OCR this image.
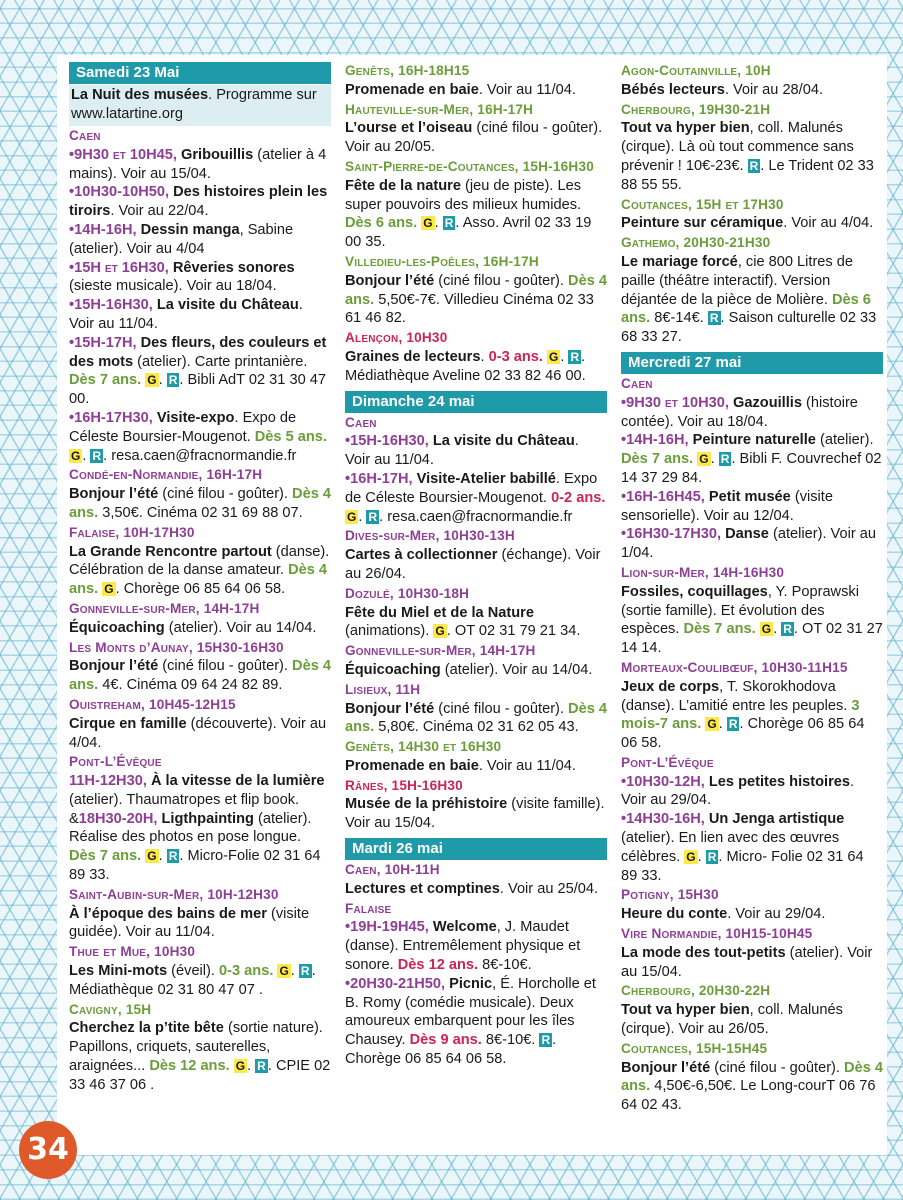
Samedi 23 Mai
La Nuit des musées. Programme sur www.latartine.org
Caen

•9H30 et 10H45, Gribouillis (atelier à 4 mains). Voir au 15/04.

•10H30-10H50, Des histoires plein les tiroirs. Voir au 22/04.

•14H-16H, Dessin manga, Sabine (atelier). Voir au 4/04

•15H et 16H30, Rêveries sonores (sieste musicale). Voir au 18/04.

•15H-16H30, La visite du Château. Voir au 11/04.

•15H-17H, Des fleurs, des couleurs et des mots (atelier). Carte printanière. Dès 7 ans. G . R . Bibli AdT 02 31 30 47 00.

•16H-17H30, Visite-expo. Expo de Céleste Boursier-Mougenot. Dès 5 ans. G . R . resa.caen@fracnormandie.fr

Condé-en-Normandie, 16H-17H

Bonjour l’été (ciné filou - goûter). Dès 4 ans. 3,50€. Cinéma 02 31 69 88 07.

Falaise, 10H-17H30

La Grande Rencontre partout (danse). Célébration de la danse amateur. Dès 4 ans. G . Chorège 06 85 64 06 58.

Gonneville-sur-Mer, 14H-17H

Équicoaching (atelier). Voir au 14/04.

Les Monts d’Aunay, 15H30-16H30

Bonjour l’été (ciné filou - goûter). Dès 4 ans. 4€. Cinéma 09 64 24 82 89.

Ouistreham, 10H45-12H15

Cirque en famille (découverte). Voir au 4/04.

Pont-L’Évêque

11H-12H30, À la vitesse de la lumière (atelier). Thaumatropes et flip book. &18H30-20H, Ligthpainting (atelier). Réalise des photos en pose longue. Dès 7 ans. G . R . Micro-Folie 02 31 64 89 33.

Saint-Aubin-sur-Mer, 10H-12H30

À l’époque des bains de mer (visite guidée). Voir au 11/04.

Thue et Mue, 10H30

Les Mini-mots (éveil). 0-3 ans. G . R . Médiathèque 02 31 80 47 07 .

Cavigny, 15H

Cherchez la p’tite bête (sortie nature). Papillons, criquets, sauterelles, araignées... Dès 12 ans. G . R . CPIE 02 33 46 37 06 .

Genêts, 16H-18H15

Promenade en baie. Voir au 11/04.

Hauteville-sur-Mer, 16H-17H

L’ourse et l’oiseau (ciné filou - goûter). Voir au 20/05.

Saint-Pierre-de-Coutances, 15H-16H30

Fête de la nature (jeu de piste). Les super pouvoirs des milieux humides. Dès 6 ans. G . R . Asso. Avril 02 33 19 00 35.

Villedieu-les-Poêles, 16H-17H

Bonjour l’été (ciné filou - goûter). Dès 4 ans. 5,50€-7€. Villedieu Cinéma 02 33 61 46 82.

Alençon, 10H30

Graines de lecteurs. 0-3 ans. G . R . Médiathèque Aveline 02 33 82 46 00.

Dimanche 24 mai
Caen

•15H-16H30, La visite du Château. Voir au 11/04.

•16H-17H, Visite-Atelier babillé. Expo de Céleste Boursier-Mougenot. 0-2 ans. G . R . resa.caen@fracnormandie.fr

Dives-sur-Mer, 10H30-13H

Cartes à collectionner (échange). Voir au 26/04.

Dozulé, 10H30-18H

Fête du Miel et de la Nature (animations). G . OT 02 31 79 21 34.

Gonneville-sur-Mer, 14H-17H

Équicoaching (atelier). Voir au 14/04.

Lisieux, 11H

Bonjour l’été (ciné filou - goûter). Dès 4 ans. 5,80€. Cinéma 02 31 62 05 43.

Genêts, 14H30 et 16H30

Promenade en baie. Voir au 11/04.

Rânes, 15H-16H30

Musée de la préhistoire (visite famille). Voir au 15/04.

Mardi 26 mai
Caen, 10H-11H

Lectures et comptines. Voir au 25/04.

Falaise

•19H-19H45, Welcome, J. Maudet (danse). Entremêlement physique et sonore. Dès 12 ans. 8€-10€.

•20H30-21H50, Picnic, É. Horcholle et B. Romy (comédie musicale). Deux amoureux embarquent pour les îles Chausey. Dès 9 ans. 8€-10€. R . Chorège 06 85 64 06 58.

Agon-Coutainville, 10H

Bébés lecteurs. Voir au 28/04.

Cherbourg, 19H30-21H

Tout va hyper bien, coll. Malunés (cirque). Là où tout commence sans prévenir ! 10€-23€. R . Le Trident 02 33 88 55 55.

Coutances, 15H et 17H30

Peinture sur céramique. Voir au 4/04.

Gathemo, 20H30-21H30

Le mariage forcé, cie 800 Litres de paille (théâtre interactif). Version déjantée de la pièce de Molière. Dès 6 ans. 8€-14€. R . Saison culturelle 02 33 68 33 27.

Mercredi 27 mai
Caen

•9H30 et 10H30, Gazouillis (histoire contée). Voir au 18/04.

•14H-16H, Peinture naturelle (atelier). Dès 7 ans. G . R . Bibli F. Couvrechef 02 14 37 29 84.

•16H-16H45, Petit musée (visite sensorielle). Voir au 12/04.

•16H30-17H30, Danse (atelier). Voir au 1/04.

Lion-sur-Mer, 14H-16H30

Fossiles, coquillages, Y. Poprawski (sortie famille). Et évolution des espèces. Dès 7 ans. G . R . OT 02 31 27 14 14.

Morteaux-Coulibœuf, 10H30-11H15

Jeux de corps, T. Skorokhodova (danse). L’amitié entre les peuples. 3 mois-7 ans. G . R . Chorège 06 85 64 06 58.

Pont-L’Évêque

•10H30-12H, Les petites histoires. Voir au 29/04.

•14H30-16H, Un Jenga artistique (atelier). En lien avec des œuvres célèbres. G . R . Micro- Folie 02 31 64 89 33.

Potigny, 15H30

Heure du conte. Voir au 29/04.

Vire Normandie, 10H15-10H45

La mode des tout-petits (atelier). Voir au 15/04.

Cherbourg, 20H30-22H

Tout va hyper bien, coll. Malunés (cirque). Voir au 26/05.

Coutances, 15H-15H45

Bonjour l’été (ciné filou - goûter). Dès 4 ans. 4,50€-6,50€. Le Long-courT 06 76 64 02 43.

34
